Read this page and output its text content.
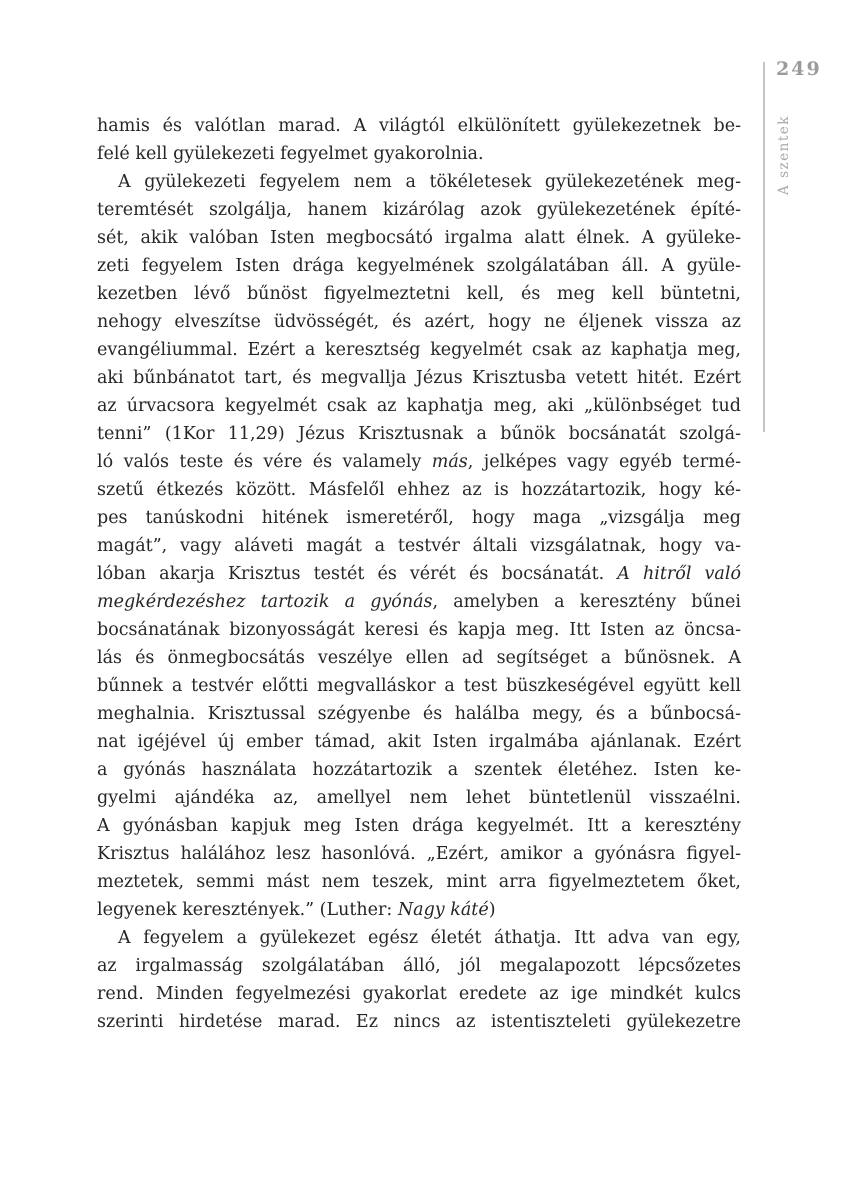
249
A szentek
hamis és valótlan marad. A világtól elkülönített gyülekezetnek be-
felé kell gyülekezeti fegyelmet gyakorolnia.
A gyülekezeti fegyelem nem a tökéletesek gyülekezetének meg-
teremtését szolgálja, hanem kizárólag azok gyülekezetének építé-
sét, akik valóban Isten megbocsátó irgalma alatt élnek. A gyüleke-
zeti fegyelem Isten drága kegyelmének szolgálatában áll. A gyüle-
kezetben lévő bűnöst figyelmeztetni kell, és meg kell büntetni,
nehogy elveszítse üdvösségét, és azért, hogy ne éljenek vissza az
evangéliummal. Ezért a keresztség kegyelmét csak az kaphatja meg,
aki bűnbánatot tart, és megvallja Jézus Krisztusba vetett hitét. Ezért
az úrvacsora kegyelmét csak az kaphatja meg, aki „különbséget tud
tenni” (1Kor 11,29) Jézus Krisztusnak a bűnök bocsánatát szolgá-
ló valós teste és vére és valamely más, jelképes vagy egyéb termé-
szetű étkezés között. Másfelől ehhez az is hozzátartozik, hogy ké-
pes tanúskodni hitének ismeretéről, hogy maga „vizsgálja meg
magát”, vagy aláveti magát a testvér általi vizsgálatnak, hogy va-
lóban akarja Krisztus testét és vérét és bocsánatát. A hitről való
megkérdezéshez tartozik a gyónás, amelyben a keresztény bűnei
bocsánatának bizonyosságát keresi és kapja meg. Itt Isten az öncsa-
lás és önmegbocsátás veszélye ellen ad segítséget a bűnösnek. A
bűnnek a testvér előtti megvalláskor a test büszkeségével együtt kell
meghalnia. Krisztussal szégyenbe és halálba megy, és a bűnbocsá-
nat igéjével új ember támad, akit Isten irgalmába ajánlanak. Ezért
a gyónás használata hozzátartozik a szentek életéhez. Isten ke-
gyelmi ajándéka az, amellyel nem lehet büntetlenül visszaélni.
A gyónásban kapjuk meg Isten drága kegyelmét. Itt a keresztény
Krisztus halálához lesz hasonlóvá. „Ezért, amikor a gyónásra figyel-
meztetek, semmi mást nem teszek, mint arra figyelmeztetem őket,
legyenek keresztények.” (Luther: Nagy káté)
A fegyelem a gyülekezet egész életét áthatja. Itt adva van egy,
az irgalmasság szolgálatában álló, jól megalapozott lépcsőzetes
rend. Minden fegyelmezési gyakorlat eredete az ige mindkét kulcs
szerinti hirdetése marad. Ez nincs az istentiszteleti gyülekezetre
